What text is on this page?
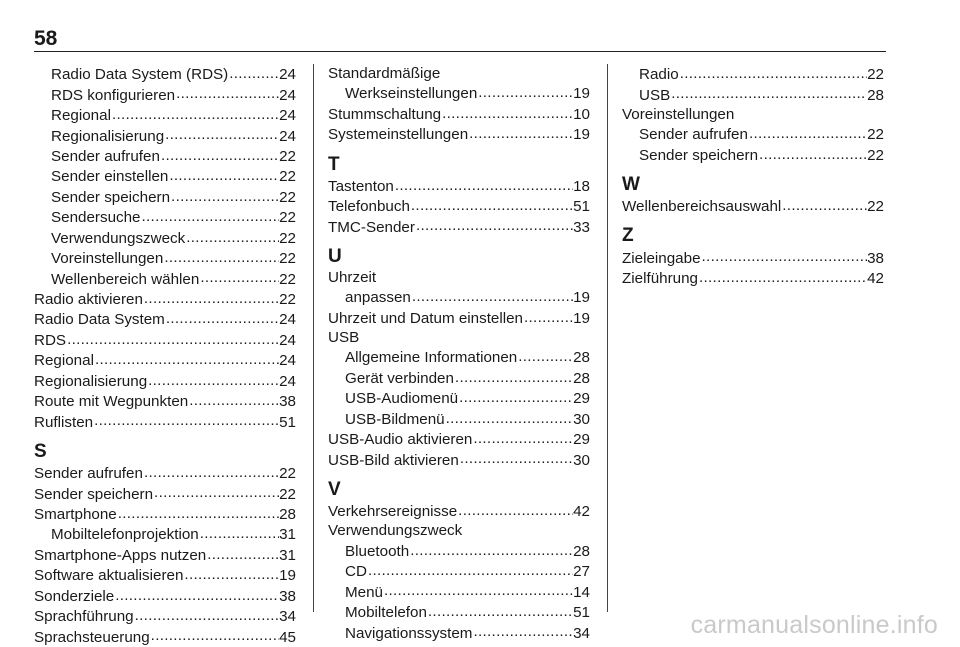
58
Radio Data System (RDS) .....	24
RDS konfigurieren .....	24
Regional .....	24
Regionalisierung .....	24
Sender aufrufen .....	22
Sender einstellen .....	22
Sender speichern .....	22
Sendersuche .....	22
Verwendungszweck .....	22
Voreinstellungen .....	22
Wellenbereich wählen .....	22
Radio aktivieren .....	22
Radio Data System .....	24
RDS .....	24
Regional .....	24
Regionalisierung .....	24
Route mit Wegpunkten .....	38
Ruflisten .....	51
S
Sender aufrufen .....	22
Sender speichern .....	22
Smartphone .....	28
Mobiltelefonprojektion .....	31
Smartphone-Apps nutzen .....	31
Software aktualisieren .....	19
Sonderziele .....	38
Sprachführung .....	34
Sprachsteuerung .....	45
Standardmäßige
Werkseinstellungen .....	19
Stummschaltung .....	10
Systemeinstellungen .....	19
T
Tastenton .....	18
Telefonbuch .....	51
TMC-Sender .....	33
U
Uhrzeit
anpassen .....	19
Uhrzeit und Datum einstellen .....	19
USB
Allgemeine Informationen .....	28
Gerät verbinden .....	28
USB-Audiomenü .....	29
USB-Bildmenü .....	30
USB-Audio aktivieren .....	29
USB-Bild aktivieren .....	30
V
Verkehrsereignisse .....	42
Verwendungszweck
Bluetooth .....	28
CD .....	27
Menü .....	14
Mobiltelefon .....	51
Navigationssystem .....	34
Radio .....	22
USB .....	28
Voreinstellungen
Sender aufrufen .....	22
Sender speichern .....	22
W
Wellenbereichsauswahl .....	22
Z
Zieleingabe .....	38
Zielführung .....	42
carmanualsonline.info
